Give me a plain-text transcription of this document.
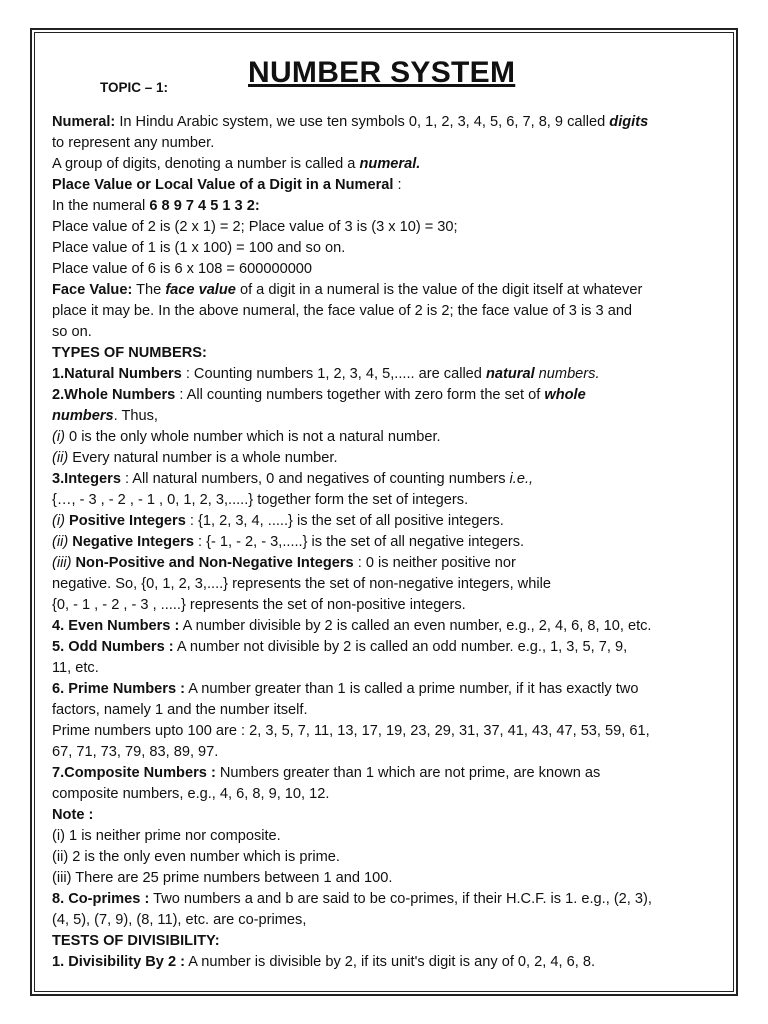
TOPIC – 1:	NUMBER SYSTEM
Numeral: In Hindu Arabic system, we use ten symbols 0, 1, 2, 3, 4, 5, 6, 7, 8, 9 called digits
to represent any number.
A group of digits, denoting a number is called a numeral.
Place Value or Local Value of a Digit in a Numeral :
In the numeral 6 8 9 7 4 5 1 3 2:
Place value of 2 is (2 x 1) = 2; Place value of 3 is (3 x 10) = 30;
Place value of 1 is (1 x 100) = 100 and so on.
Place value of 6 is 6 x 108 = 600000000
Face Value: The face value of a digit in a numeral is the value of the digit itself at whatever
place it may be. In the above numeral, the face value of 2 is 2; the face value of 3 is 3 and
so on.
TYPES OF NUMBERS:
1.Natural Numbers : Counting numbers 1, 2, 3, 4, 5,..... are called natural numbers.
2.Whole Numbers : All counting numbers together with zero form the set of whole
numbers. Thus,
(i) 0 is the only whole number which is not a natural number.
(ii) Every natural number is a whole number.
3.Integers : All natural numbers, 0 and negatives of counting numbers i.e.,
{…, - 3 , - 2 , - 1 , 0, 1, 2, 3,.....} together form the set of integers.
(i) Positive Integers : {1, 2, 3, 4, .....} is the set of all positive integers.
(ii) Negative Integers : {- 1, - 2, - 3,.....} is the set of all negative integers.
(iii) Non-Positive and Non-Negative Integers : 0 is neither positive nor
negative. So, {0, 1, 2, 3,....} represents the set of non-negative integers, while
{0, - 1 , - 2 , - 3 , .....} represents the set of non-positive integers.
4. Even Numbers : A number divisible by 2 is called an even number, e.g., 2, 4, 6, 8, 10, etc.
5. Odd Numbers : A number not divisible by 2 is called an odd number. e.g., 1, 3, 5, 7, 9,
11, etc.
6. Prime Numbers : A number greater than 1 is called a prime number, if it has exactly two
factors, namely 1 and the number itself.
Prime numbers upto 100 are : 2, 3, 5, 7, 11, 13, 17, 19, 23, 29, 31, 37, 41, 43, 47, 53, 59, 61,
67, 71, 73, 79, 83, 89, 97.
7.Composite Numbers : Numbers greater than 1 which are not prime, are known as
composite numbers, e.g., 4, 6, 8, 9, 10, 12.
Note :
(i) 1 is neither prime nor composite.
(ii) 2 is the only even number which is prime.
(iii) There are 25 prime numbers between 1 and 100.
8. Co-primes : Two numbers a and b are said to be co-primes, if their H.C.F. is 1. e.g., (2, 3),
(4, 5), (7, 9), (8, 11), etc. are co-primes,
TESTS OF DIVISIBILITY:
1. Divisibility By 2 : A number is divisible by 2, if its unit's digit is any of 0, 2, 4, 6, 8.
